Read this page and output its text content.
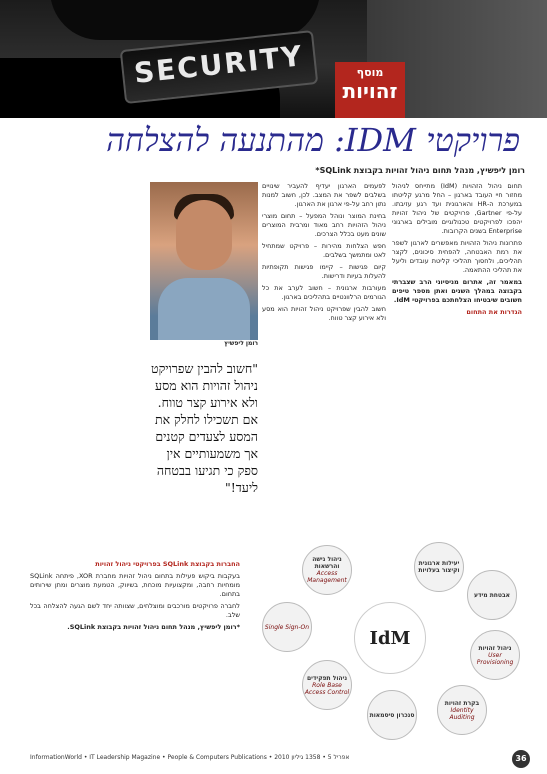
SECURITY	מוסף
זהויות
פרויקטי IDM: מהתנעה להצלחה
רומן ליפשיץ, מנהל תחום ניהול זהויות בקבוצת SQLink*

תחום ניהול הזהויות (IdM) מתייחס לניהול מחזור חיי העובד בארגון – החל מרגע קליטתו במערכת ה-HR והארגונית ועד רגע עזיבתו. על-פי Gartner, פרויקטים של ניהול זהויות יהפכו לפרויקטים טכנולוגיים מובילים בארגוני Enterprise בשנים הקרובות.

פתרונות ניהול הזהויות מאפשרים לארגון לשפר את רמת האבטחה, להפחית סיכונים, לקצר תהליכים, ולחסוך תהליכי קליטת עובדים וליעל את תהליכי ההתאמה.

במאמר זה, אתרום מניסיוני הרב שצברתי בקבוצה במהלך השנים ואתן מספר טיפים חשובים שיבטיחו הצלחתכם בפרויקטי IdM.

הגדרות את התחום

לפעמים הארגון יעדיף להעביר שינויים בשלבים לשפר את המצב. לכן, חשוב למנות נתון רחב על-פי ארגון את הארגון.

בחינת המוצר ונוהל המפעל – תחום מוצרי ניהול הזהויות רחב מאוד ומרבית המוצרים שונים מעט בכלל הצרכים.

חפש הצלחות מהירות – פרויקט שמתחיל לאט ומתמשך בשלבים.

קיום פגישות – קיימו פגישות תקופתיות להעלות בעיות ודרישות.

מעורבות ארגונית – חשוב לערב את כל הגורמים הרלוונטיים בתהליכים בארגון.

חשוב להבין שפרויקט ניהול זהויות הוא מסע ולא אירוע קצר טווח.

רומן ליפשיץ
"חשוב להבין שפרויקט ניהול זהויות הוא מסע ולא אירוע קצר טווח. אם תשכילו לחלק את המסע לצעדים קטנים אך משמעותיים אין ספק כי תגיעו בבטחה ליעד!"

החברות בקבוצת SQLink בפרויקטי ניהול זהויות

בעקבות ביקוש פעילות בתחום ניהול זהויות מחברת XOR, פיתחה SQLink מומחיות רחבה, ומקצועיות מוכחת, בשיווק, הטמעת מוצרים ומתן שירותים בתחום.

לחברה פרויקטים מורכבים ומוצלחים, שצוותה יחד לשם הגעה להצלחה בכל שלב.

*רומן ליפשיץ, מנהל תחום ניהול זהויות בקבוצת SQLink.

IdM
יעילות ארגונית וקיצור בעלויות
אבטחת מידע
ניהול זהויות
User Provisioning
בקרת זהויות
Identity Auditing
סנכרון סיסמאות
ניהול תפקידים
Role Base Access Control
Single Sign-On
ניהול גישה והרשאות
Access Management
InformationWorld • IT Leadership Magazine • People & Computers Publications • 2010 אפריל 5 • 1358 גיליון	36
